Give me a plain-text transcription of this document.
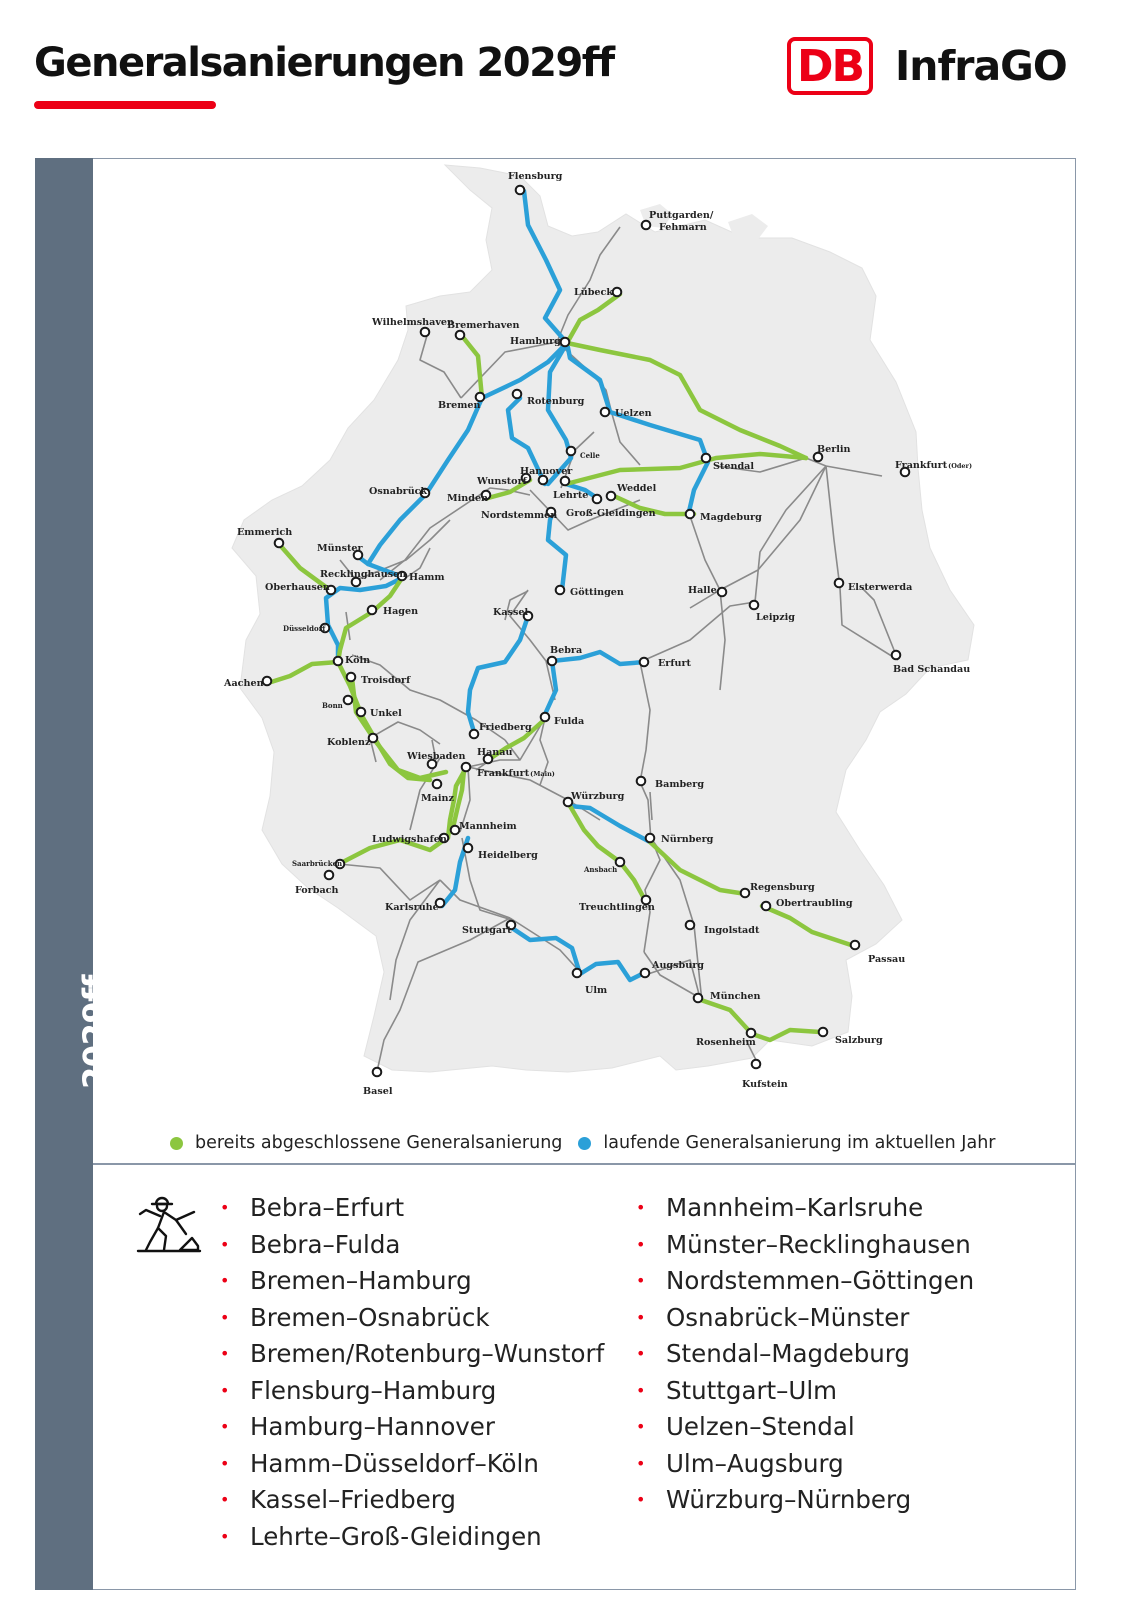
Generalsanierungen 2029ff	DB InfraGO
2029ff
Flensburg
Puttgarden/
Fehmarn
Lübeck
Wilhelmshaven
Bremerhaven
Hamburg
Bremen	Rotenburg
Uelzen
Berlin
Frankfurt(Oder)
Celle
Hannover
Wunstorf
Lehrte
Weddel
Stendal
Osnabrück
Minden
Nordstemmen Groß-Gleidingen	Magdeburg
Emmerich
Münster
Recklinghausen Hamm
Oberhausen
Hagen
Göttingen	Halle	Elsterwerda
Leipzig
Kassel
Düsseldorf
Köln
Aachen	Troisdorf
Bebra
Erfurt
Bad Schandau
Bonn
Unkel
Fulda
Friedberg
Koblenz
Wiesbaden Hanau
Frankfurt(Main)
Mainz
Bamberg
Würzburg
Mannheim
Ludwigshafen
Heidelberg
Nürnberg
Saarbrücken
Ansbach
Forbach	Regensburg
Obertraubling
Karlsruhe	Treuchtlingen
Stuttgart	Ingolstadt
Passau
Augsburg
Ulm
München
Rosenheim	Salzburg
Kufstein
Basel
bereits abgeschlossene Generalsanierung laufende Generalsanierung im aktuellen Jahr
• Bebra–Erfurt
• Bebra–Fulda
• Bremen–Hamburg
• Bremen–Osnabrück
• Bremen/Rotenburg–Wunstorf
• Flensburg–Hamburg
• Hamburg–Hannover
• Hamm–Düsseldorf–Köln
• Kassel–Friedberg
• Lehrte–Groß-Gleidingen
• Mannheim–Karlsruhe
• Münster–Recklinghausen
• Nordstemmen–Göttingen
• Osnabrück–Münster
• Stendal–Magdeburg
• Stuttgart–Ulm
• Uelzen–Stendal
• Ulm–Augsburg
• Würzburg–Nürnberg
